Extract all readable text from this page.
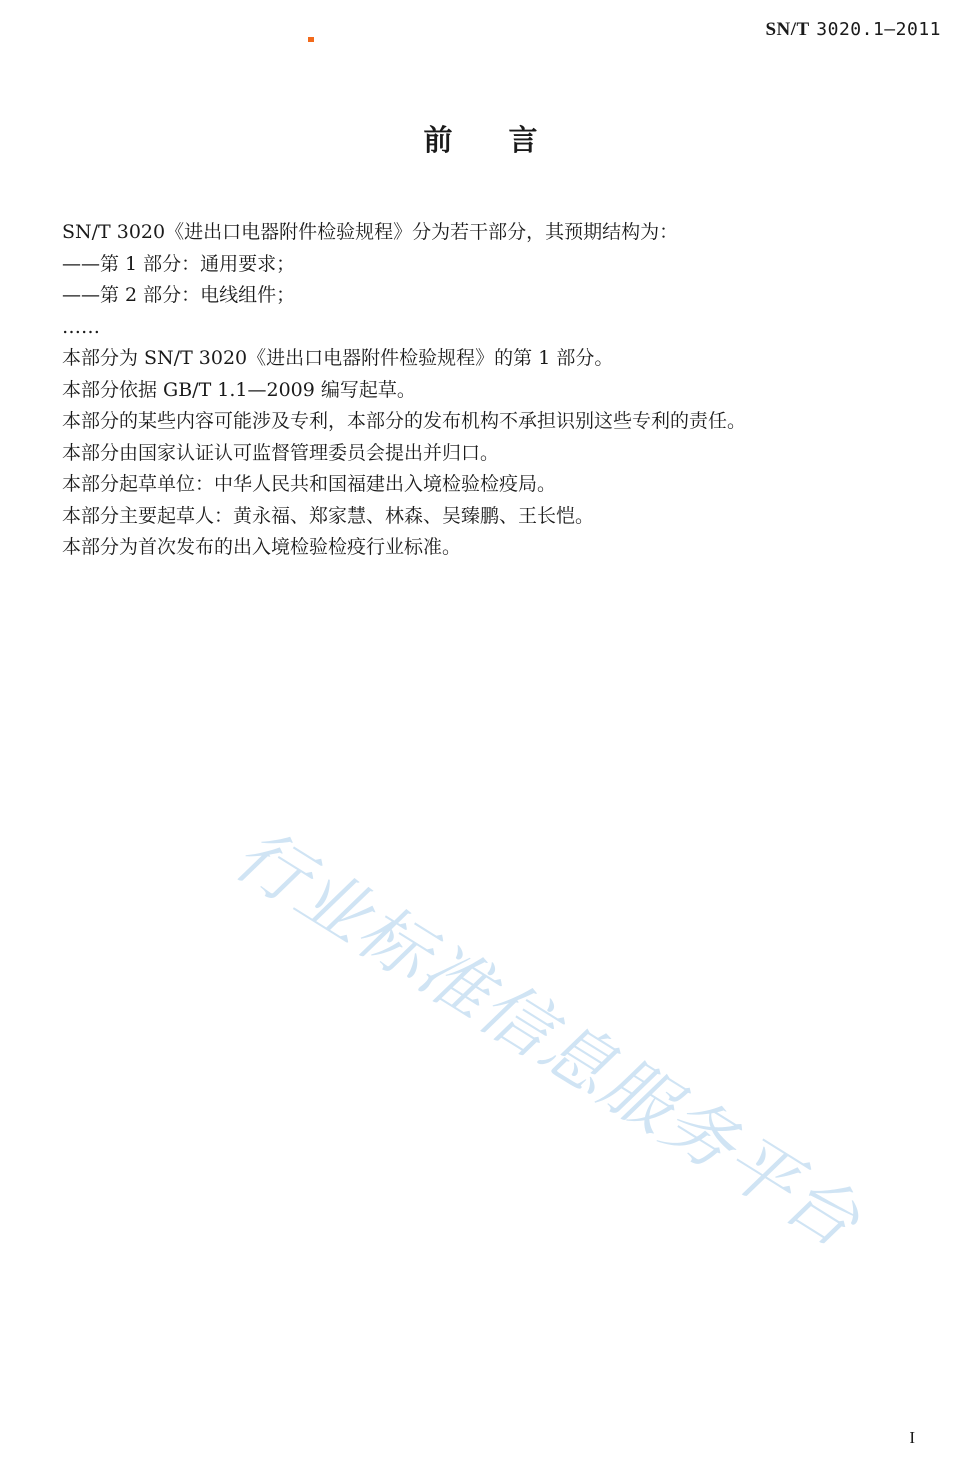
SN/T 3020.1—2011
前 言

SN/T 3020《进出口电器附件检验规程》分为若干部分，其预期结构为：

——第 1 部分：通用要求；

——第 2 部分：电线组件；

……

本部分为 SN/T 3020《进出口电器附件检验规程》的第 1 部分。

本部分依据 GB/T 1.1—2009 编写起草。

本部分的某些内容可能涉及专利，本部分的发布机构不承担识别这些专利的责任。

本部分由国家认证认可监督管理委员会提出并归口。

本部分起草单位：中华人民共和国福建出入境检验检疫局。

本部分主要起草人：黄永福、郑家慧、林森、吴臻鹏、王长恺。

本部分为首次发布的出入境检验检疫行业标准。

行业标准信息服务平台
I
